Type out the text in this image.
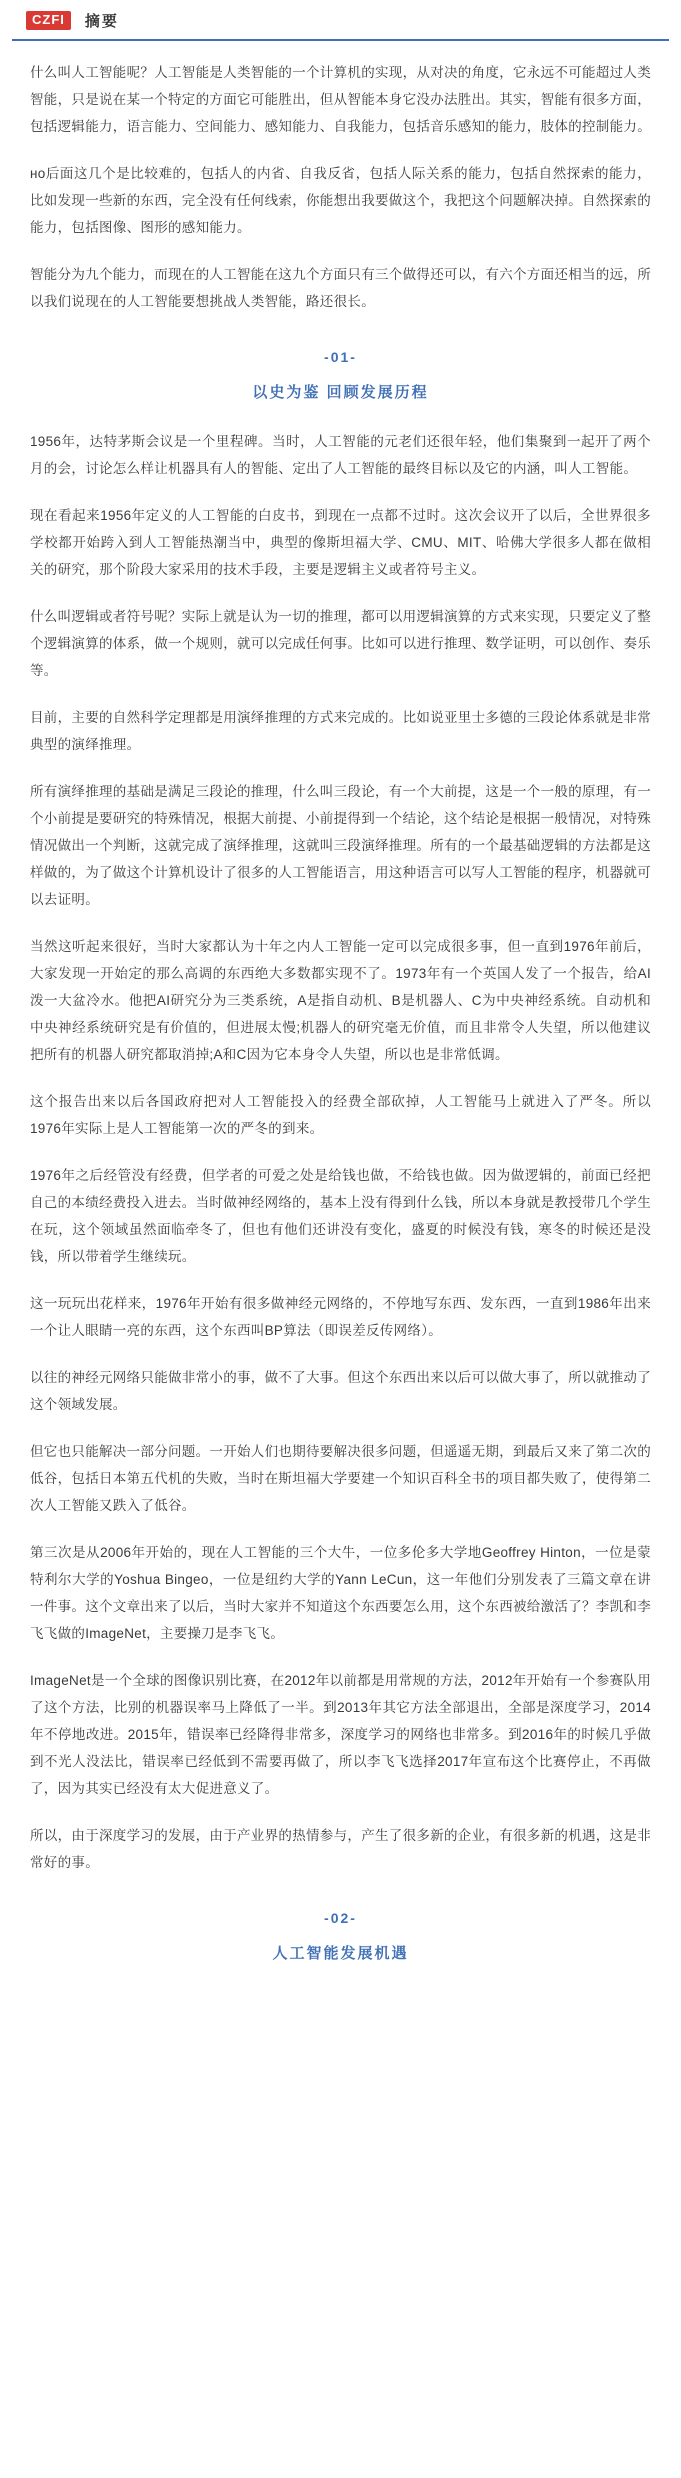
CZFI	摘要

什么叫人工智能呢？人工智能是人类智能的一个计算机的实现，从对决的角度，它永远不可能超过人类智能，只是说在某一个特定的方面它可能胜出，但从智能本身它没办法胜出。其实，智能有很多方面，包括逻辑能力，语言能力、空间能力、感知能力、自我能力，包括音乐感知的能力，肢体的控制能力。

но后面这几个是比较难的，包括人的内省、自我反省，包括人际关系的能力，包括自然探索的能力，比如发现一些新的东西，完全没有任何线索，你能想出我要做这个，我把这个问题解决掉。自然探索的能力，包括图像、图形的感知能力。

智能分为九个能力，而现在的人工智能在这九个方面只有三个做得还可以，有六个方面还相当的远，所以我们说现在的人工智能要想挑战人类智能，路还很长。

-01-
以史为鉴 回顾发展历程

1956年，达特茅斯会议是一个里程碑。当时，人工智能的元老们还很年轻，他们集聚到一起开了两个月的会，讨论怎么样让机器具有人的智能、定出了人工智能的最终目标以及它的内涵，叫人工智能。

现在看起来1956年定义的人工智能的白皮书，到现在一点都不过时。这次会议开了以后，全世界很多学校都开始跨入到人工智能热潮当中，典型的像斯坦福大学、CMU、MIT、哈佛大学很多人都在做相关的研究，那个阶段大家采用的技术手段，主要是逻辑主义或者符号主义。

什么叫逻辑或者符号呢？实际上就是认为一切的推理，都可以用逻辑演算的方式来实现，只要定义了整个逻辑演算的体系，做一个规则，就可以完成任何事。比如可以进行推理、数学证明，可以创作、奏乐等。

目前，主要的自然科学定理都是用演绎推理的方式来完成的。比如说亚里士多德的三段论体系就是非常典型的演绎推理。

所有演绎推理的基础是满足三段论的推理，什么叫三段论，有一个大前提，这是一个一般的原理，有一个小前提是要研究的特殊情况，根据大前提、小前提得到一个结论，这个结论是根据一般情况，对特殊情况做出一个判断，这就完成了演绎推理，这就叫三段演绎推理。所有的一个最基础逻辑的方法都是这样做的，为了做这个计算机设计了很多的人工智能语言，用这种语言可以写人工智能的程序，机器就可以去证明。

当然这听起来很好，当时大家都认为十年之内人工智能一定可以完成很多事，但一直到1976年前后，大家发现一开始定的那么高调的东西绝大多数都实现不了。1973年有一个英国人发了一个报告，给AI泼一大盆冷水。他把AI研究分为三类系统，A是指自动机、B是机器人、C为中央神经系统。自动机和中央神经系统研究是有价值的，但进展太慢;机器人的研究毫无价值，而且非常令人失望，所以他建议把所有的机器人研究都取消掉;A和C因为它本身令人失望，所以也是非常低调。

这个报告出来以后各国政府把对人工智能投入的经费全部砍掉，人工智能马上就进入了严冬。所以1976年实际上是人工智能第一次的严冬的到来。

1976年之后经管没有经费，但学者的可爱之处是给钱也做，不给钱也做。因为做逻辑的，前面已经把自己的本绩经费投入进去。当时做神经网络的，基本上没有得到什么钱，所以本身就是教授带几个学生在玩，这个领域虽然面临牵冬了，但也有他们还讲没有变化，盛夏的时候没有钱，寒冬的时候还是没钱，所以带着学生继续玩。

这一玩玩出花样来，1976年开始有很多做神经元网络的，不停地写东西、发东西，一直到1986年出来一个让人眼睛一亮的东西，这个东西叫BP算法（即误差反传网络）。

以往的神经元网络只能做非常小的事，做不了大事。但这个东西出来以后可以做大事了，所以就推动了这个领域发展。

但它也只能解决一部分问题。一开始人们也期待要解决很多问题，但遥遥无期，到最后又来了第二次的低谷，包括日本第五代机的失败，当时在斯坦福大学要建一个知识百科全书的项目都失败了，使得第二次人工智能又跌入了低谷。

第三次是从2006年开始的，现在人工智能的三个大牛，一位多伦多大学地Geoffrey Hinton，一位是蒙特利尔大学的Yoshua Bingeo，一位是纽约大学的Yann LeCun，这一年他们分别发表了三篇文章在讲一件事。这个文章出来了以后，当时大家并不知道这个东西要怎么用，这个东西被给激活了？李凯和李飞飞做的ImageNet，主要操刀是李飞飞。

ImageNet是一个全球的图像识别比赛，在2012年以前都是用常规的方法，2012年开始有一个参赛队用了这个方法，比别的机器误率马上降低了一半。到2013年其它方法全部退出，全部是深度学习，2014年不停地改进。2015年，错误率已经降得非常多，深度学习的网络也非常多。到2016年的时候几乎做到不光人没法比，错误率已经低到不需要再做了，所以李飞飞选择2017年宣布这个比赛停止，不再做了，因为其实已经没有太大促进意义了。

所以，由于深度学习的发展，由于产业界的热情参与，产生了很多新的企业，有很多新的机遇，这是非常好的事。

-02-
人工智能发展机遇
